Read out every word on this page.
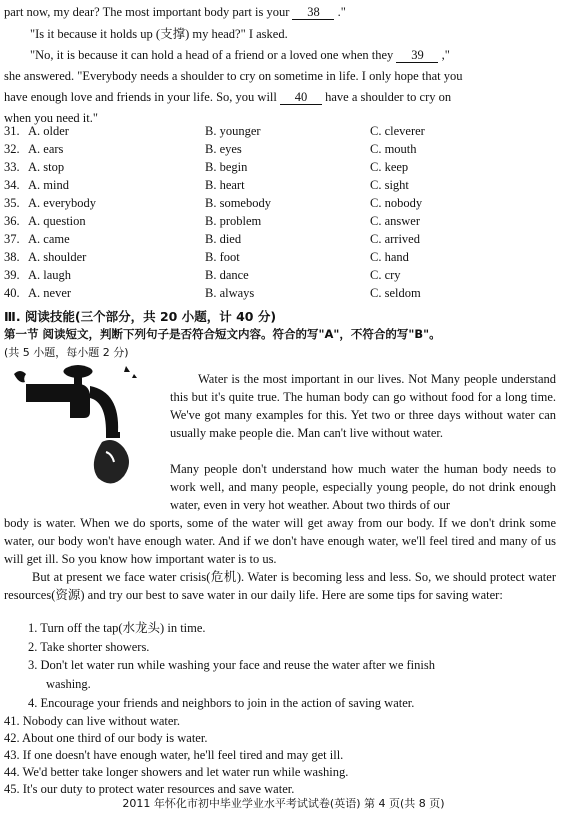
part now, my dear? The most important body part is your 38 ."
"Is it because it holds up (支撑) my head?" I asked.
"No, it is because it can hold a head of a friend or a loved one when they 39 ,"
she answered. "Everybody needs a shoulder to cry on sometime in life. I only hope that you
have enough love and friends in your life. So, you will 40 have a shoulder to cry on
when you need it."
31. A. older	B. younger	C. cleverer
32. A. ears	B. eyes	C. mouth
33. A. stop	B. begin	C. keep
34. A. mind	B. heart	C. sight
35. A. everybody	B. somebody	C. nobody
36. A. question	B. problem	C. answer
37. A. came	B. died	C. arrived
38. A. shoulder	B. foot	C. hand
39. A. laugh	B. dance	C. cry
40. A. never	B. always	C. seldom
Ⅲ. 阅读技能(三个部分，共 20 小题，计 40 分)
第一节 阅读短文，判断下列句子是否符合短文内容。符合的写"A"，不符合的写"B"。
(共 5 小题，每小题 2 分)
Water is the most important in our lives. Not Many people understand this but it's quite true. The human body can go without food for a long time. We've got many examples for this. Yet two or three days without water can usually make people die. Man can't live without water.
Many people don't understand how much water the human body needs to work well, and many people, especially young people, do not drink enough water, even in very hot weather. About two thirds of our
body is water. When we do sports, some of the water will get away from our body. If we don't drink some water, our body won't have enough water. And if we don't have enough water, we'll feel tired and many of us will get ill. So you know how important water is to us.
But at present we face water crisis(危机). Water is becoming less and less. So, we should protect water resources(资源) and try our best to save water in our daily life. Here are some tips for saving water:
1. Turn off the tap(水龙头) in time.
2. Take shorter showers.
3. Don't let water run while washing your face and reuse the water after we finish
washing.
4. Encourage your friends and neighbors to join in the action of saving water.
41. Nobody can live without water.
42. About one third of our body is water.
43. If one doesn't have enough water, he'll feel tired and may get ill.
44. We'd better take longer showers and let water run while washing.
45. It's our duty to protect water resources and save water.
2011 年怀化市初中毕业学业水平考试试卷(英语) 第 4 页(共 8 页)
